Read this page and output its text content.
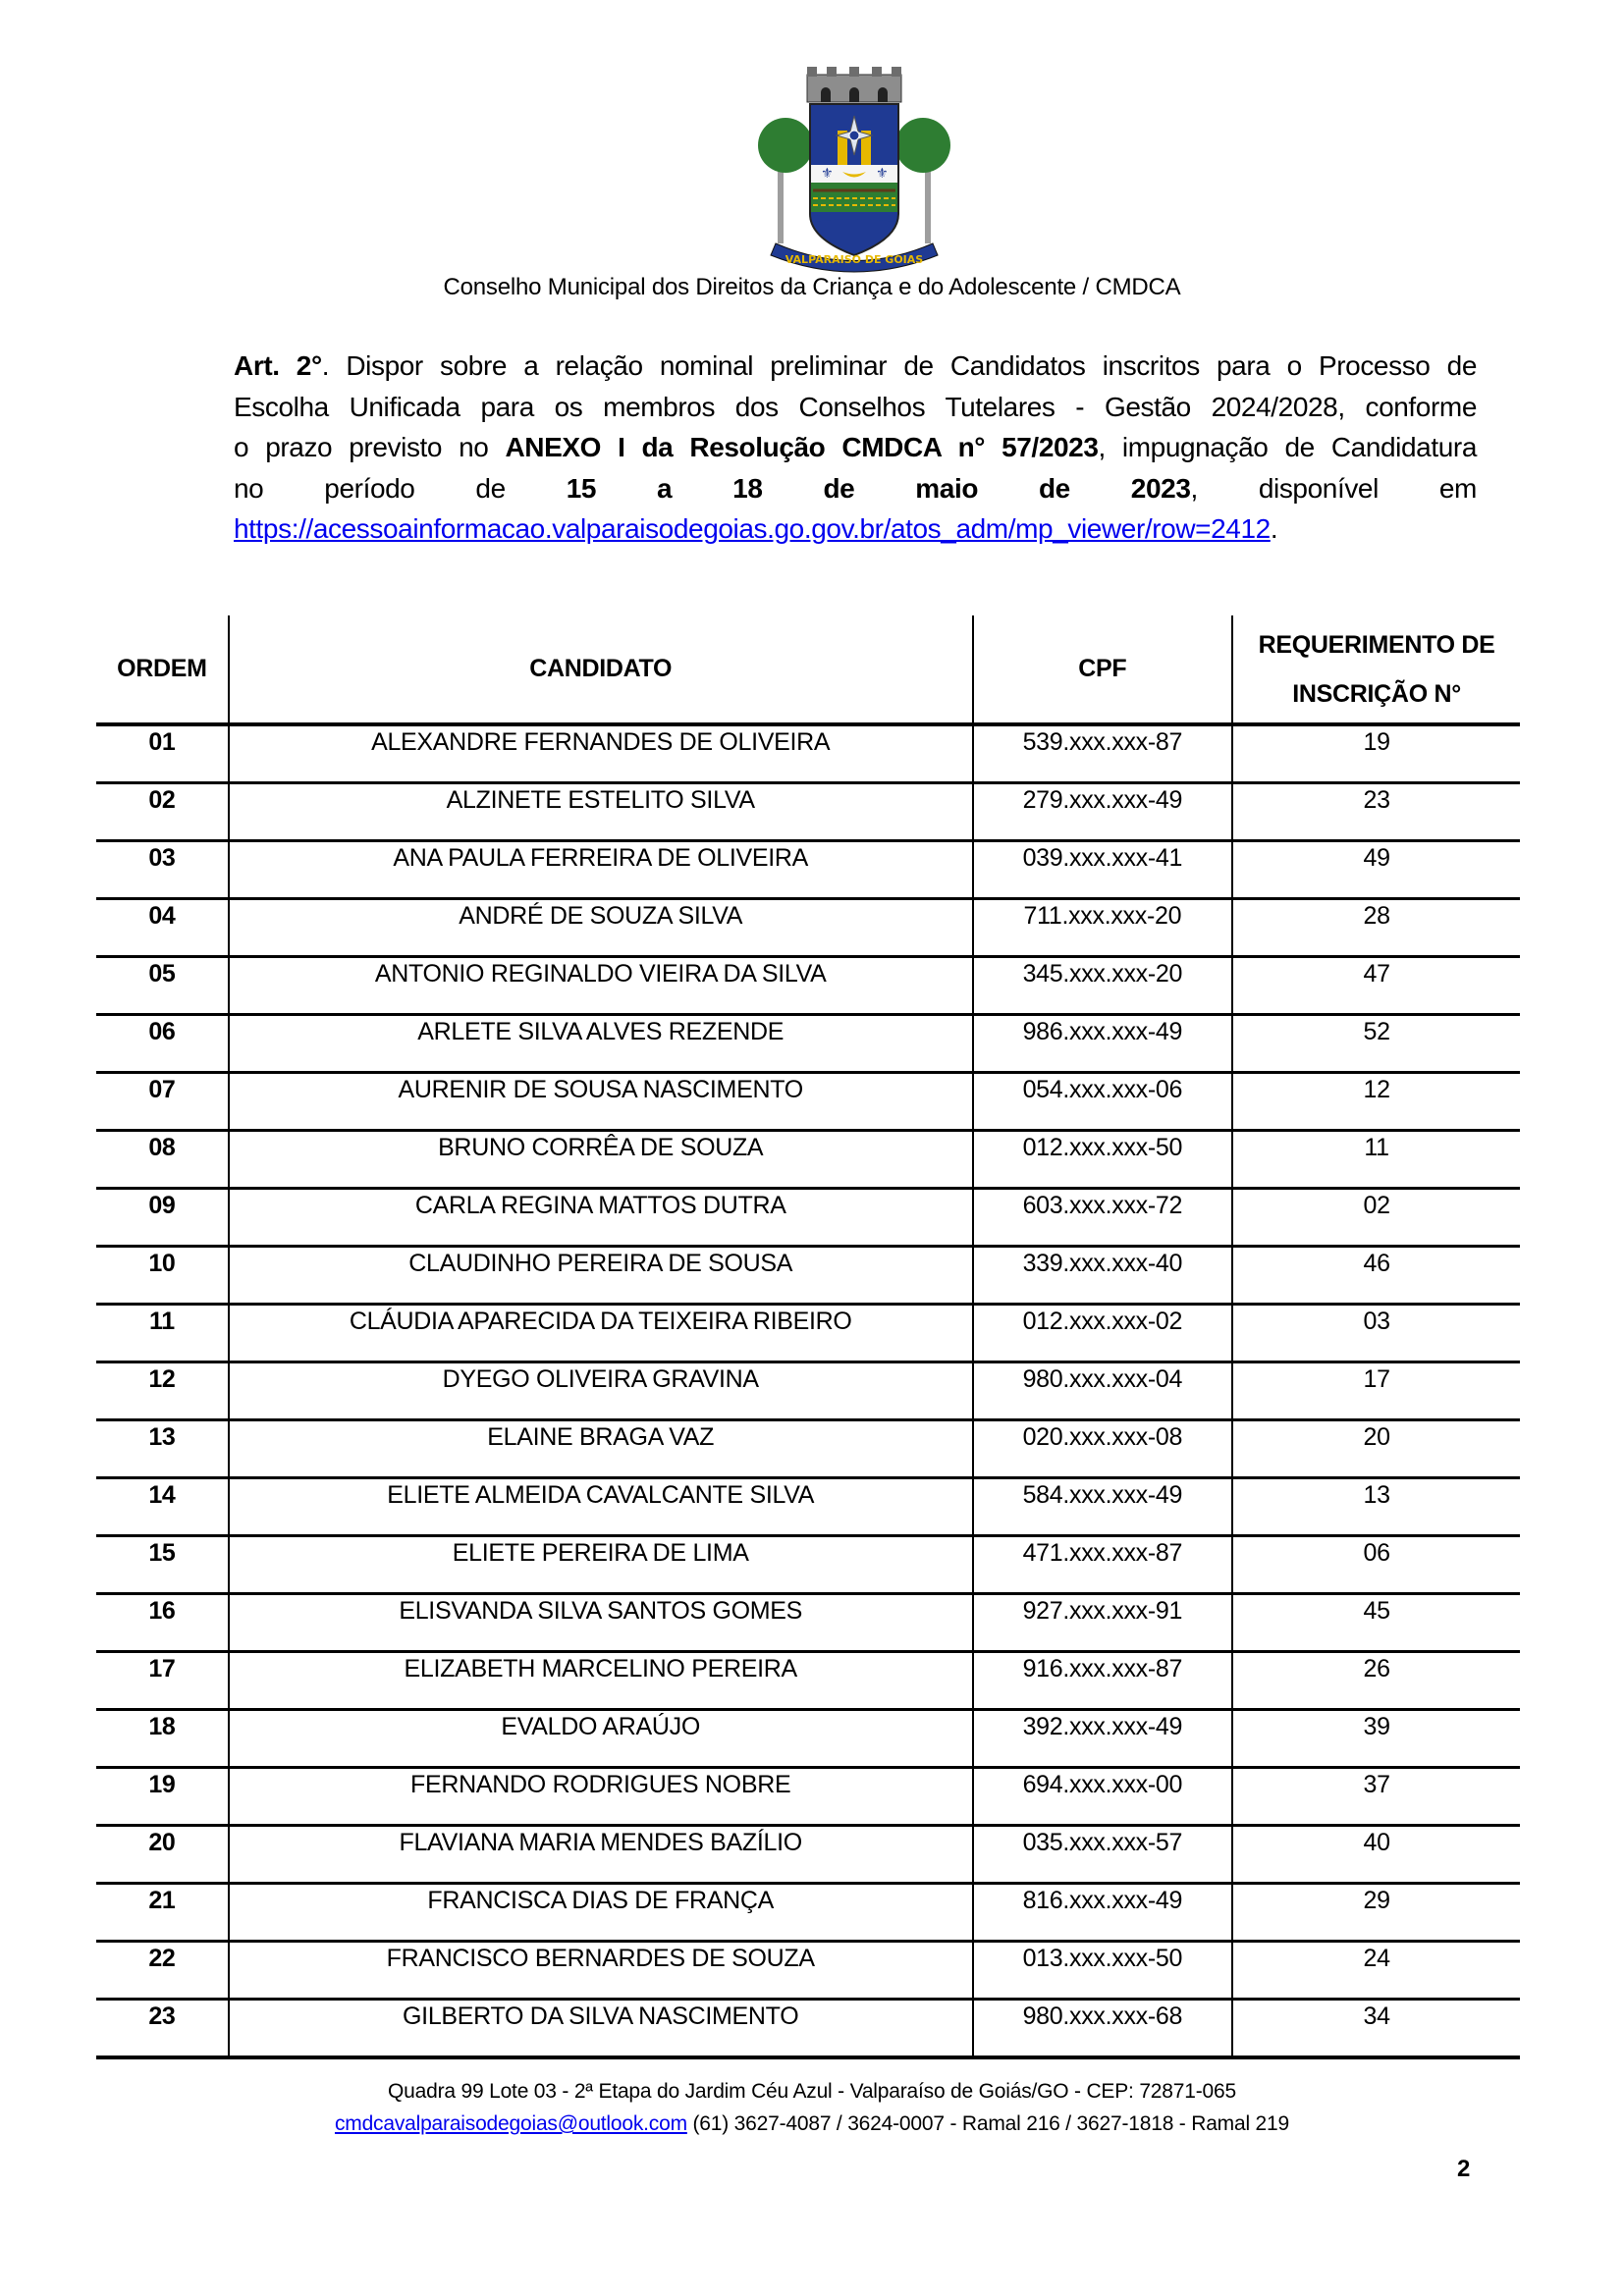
⚜	⚜
VALPARAISO DE GOIAS
Conselho Municipal dos Direitos da Criança e do Adolescente / CMDCA
Art. 2°. Dispor sobre a relação nominal preliminar de Candidatos inscritos para o Processo de
Escolha Unificada para os membros dos Conselhos Tutelares - Gestão 2024/2028, conforme
o prazo previsto no ANEXO I da Resolução CMDCA n° 57/2023, impugnação de Candidatura
no período de 15 a 18 de maio de 2023, disponível em
https://acessoainformacao.valparaisodegoias.go.gov.br/atos_adm/mp_viewer/row=2412.
ORDEM	CANDIDATO	CPF	REQUERIMENTO DE
INSCRIÇÃO N°
01	ALEXANDRE FERNANDES DE OLIVEIRA	539.xxx.xxx-87	19
02	ALZINETE ESTELITO SILVA	279.xxx.xxx-49	23
03	ANA PAULA FERREIRA DE OLIVEIRA	039.xxx.xxx-41	49
04	ANDRÉ DE SOUZA SILVA	711.xxx.xxx-20	28
05	ANTONIO REGINALDO VIEIRA DA SILVA	345.xxx.xxx-20	47
06	ARLETE SILVA ALVES REZENDE	986.xxx.xxx-49	52
07	AURENIR DE SOUSA NASCIMENTO	054.xxx.xxx-06	12
08	BRUNO CORRÊA DE SOUZA	012.xxx.xxx-50	11
09	CARLA REGINA MATTOS DUTRA	603.xxx.xxx-72	02
10	CLAUDINHO PEREIRA DE SOUSA	339.xxx.xxx-40	46
11	CLÁUDIA APARECIDA DA TEIXEIRA RIBEIRO	012.xxx.xxx-02	03
12	DYEGO OLIVEIRA GRAVINA	980.xxx.xxx-04	17
13	ELAINE BRAGA VAZ	020.xxx.xxx-08	20
14	ELIETE ALMEIDA CAVALCANTE SILVA	584.xxx.xxx-49	13
15	ELIETE PEREIRA DE LIMA	471.xxx.xxx-87	06
16	ELISVANDA SILVA SANTOS GOMES	927.xxx.xxx-91	45
17	ELIZABETH MARCELINO PEREIRA	916.xxx.xxx-87	26
18	EVALDO ARAÚJO	392.xxx.xxx-49	39
19	FERNANDO RODRIGUES NOBRE	694.xxx.xxx-00	37
20	FLAVIANA MARIA MENDES BAZÍLIO	035.xxx.xxx-57	40
21	FRANCISCA DIAS DE FRANÇA	816.xxx.xxx-49	29
22	FRANCISCO BERNARDES DE SOUZA	013.xxx.xxx-50	24
23	GILBERTO DA SILVA NASCIMENTO	980.xxx.xxx-68	34
Quadra 99 Lote 03 - 2ª Etapa do Jardim Céu Azul - Valparaíso de Goiás/GO - CEP: 72871-065
cmdcavalparaisodegoias@outlook.com (61) 3627-4087 / 3624-0007 - Ramal 216 / 3627-1818 - Ramal 219
2
